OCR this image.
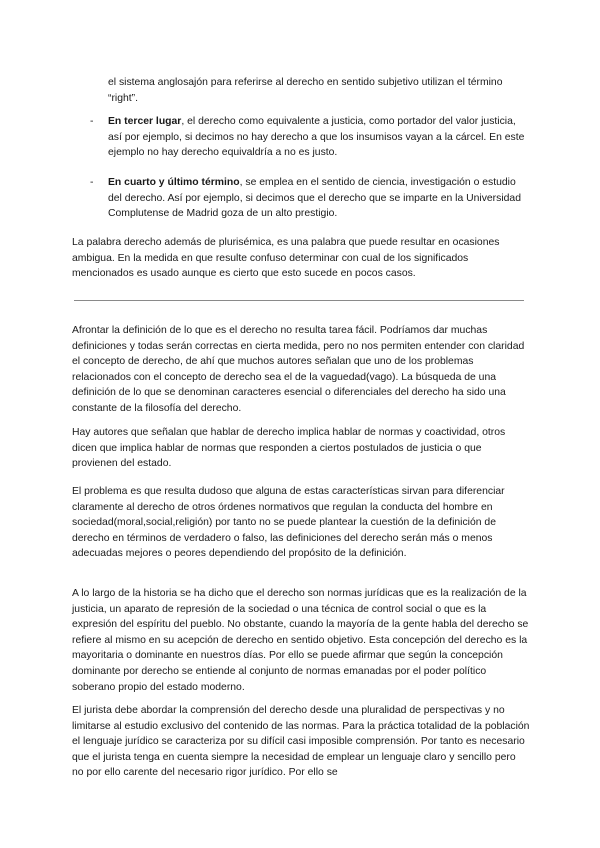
el sistema anglosajón para referirse al derecho en sentido subjetivo utilizan el término “right”.

- En tercer lugar, el derecho como equivalente a justicia, como portador del valor justicia, así por ejemplo, si decimos no hay derecho a que los insumisos vayan a la cárcel. En este ejemplo no hay derecho equivaldría a no es justo.

- En cuarto y último término, se emplea en el sentido de ciencia, investigación o estudio del derecho. Así por ejemplo, si decimos que el derecho que se imparte en la Universidad Complutense de Madrid goza de un alto prestigio.

La palabra derecho además de plurisémica, es una palabra que puede resultar en ocasiones ambigua. En la medida en que resulte confuso determinar con cual de los significados mencionados es usado aunque es cierto que esto sucede en pocos casos.

Afrontar la definición de lo que es el derecho no resulta tarea fácil. Podríamos dar muchas definiciones y todas serán correctas en cierta medida, pero no nos permiten entender con claridad el concepto de derecho, de ahí que muchos autores señalan que uno de los problemas relacionados con el concepto de derecho sea el de la vaguedad(vago). La búsqueda de una definición de lo que se denominan caracteres esencial o diferenciales del derecho ha sido una constante de la filosofía del derecho.

Hay autores que señalan que hablar de derecho implica hablar de normas y coactividad, otros dicen que implica hablar de normas que responden a ciertos postulados de justicia o que provienen del estado.

El problema es que resulta dudoso que alguna de estas características sirvan para diferenciar claramente al derecho de otros órdenes normativos que regulan la conducta del hombre en sociedad(moral,social,religión) por tanto no se puede plantear la cuestión de la definición de derecho en términos de verdadero o falso, las definiciones del derecho serán más o menos adecuadas mejores o peores dependiendo del propósito de la definición.

A lo largo de la historia se ha dicho que el derecho son normas jurídicas que es la realización de la justicia, un aparato de represión de la sociedad o una técnica de control social o que es la expresión del espíritu del pueblo. No obstante, cuando la mayoría de la gente habla del derecho se refiere al mismo en su acepción de derecho en sentido objetivo. Esta concepción del derecho es la mayoritaria o dominante en nuestros días. Por ello se puede afirmar que según la concepción dominante por derecho se entiende al conjunto de normas emanadas por el poder político soberano propio del estado moderno.

El jurista debe abordar la comprensión del derecho desde una pluralidad de perspectivas y no limitarse al estudio exclusivo del contenido de las normas. Para la práctica totalidad de la población el lenguaje jurídico se caracteriza por su difícil casi imposible comprensión. Por tanto es necesario que el jurista tenga en cuenta siempre la necesidad de emplear un lenguaje claro y sencillo pero no por ello carente del necesario rigor jurídico. Por ello se
